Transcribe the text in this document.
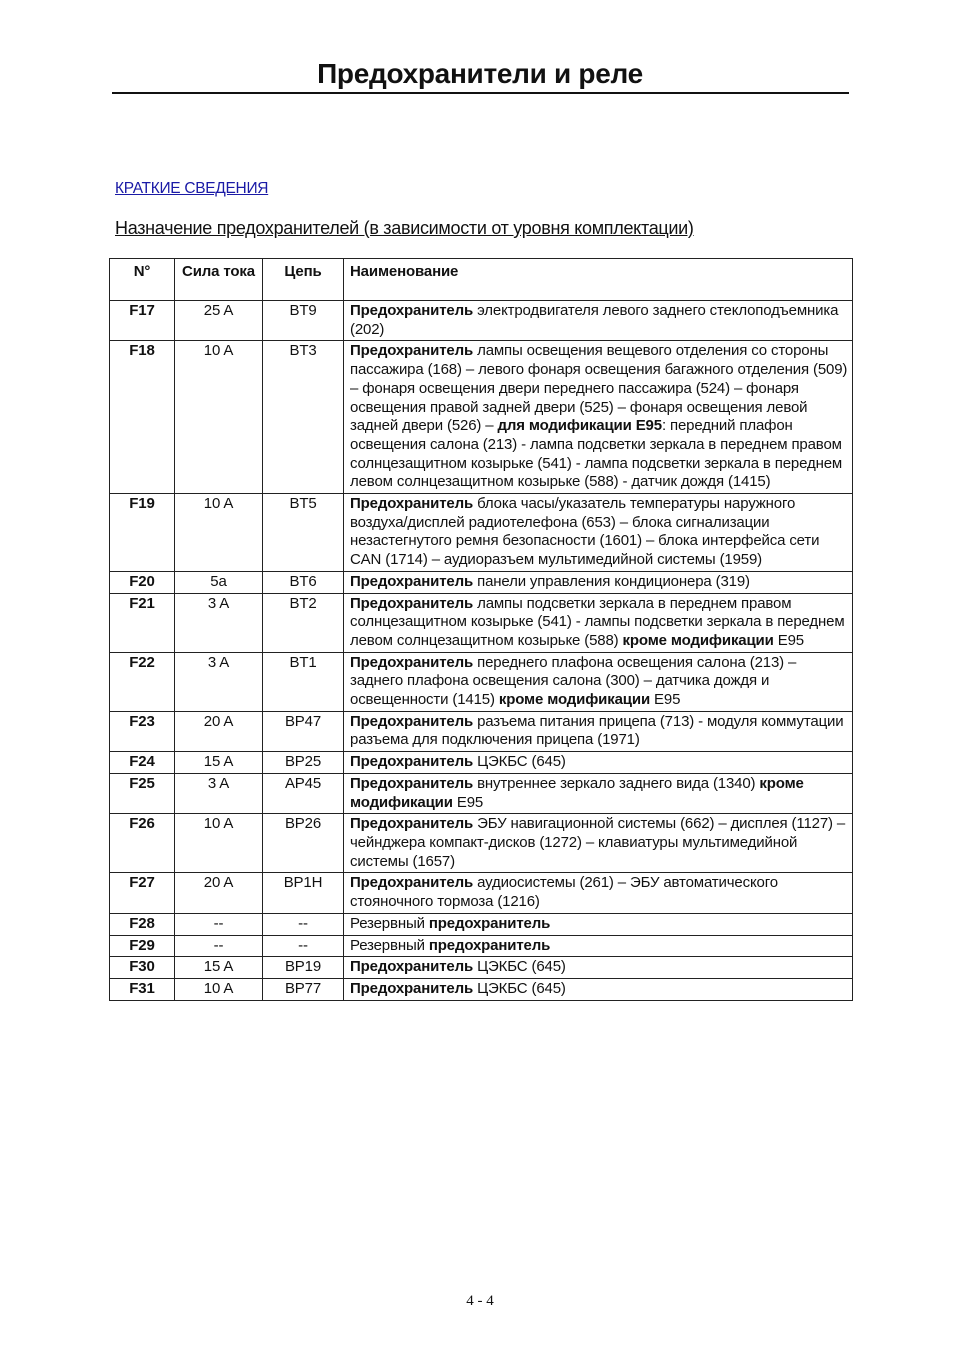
Предохранители и реле
КРАТКИЕ СВЕДЕНИЯ
Назначение предохранителей (в зависимости от уровня комплектации)
N°	Сила тока	Цепь	Наименование
F17	25 A	BT9	Предохранитель электродвигателя левого заднего стеклоподъемника (202)
F18	10 A	BT3	Предохранитель лампы освещения вещевого отделения со стороны пассажира (168) – левого фонаря освещения багажного отделения (509) – фонаря освещения двери переднего пассажира (524) – фонаря освещения правой задней двери (525) – фонаря освещения левой задней двери (526) – для модификации E95: передний плафон освещения салона (213) - лампа подсветки зеркала в переднем правом солнцезащитном козырьке (541) - лампа подсветки зеркала в переднем левом солнцезащитном козырьке (588) - датчик дождя (1415)
F19	10 A	BT5	Предохранитель блока часы/указатель температуры наружного воздуха/дисплей радиотелефона (653) – блока сигнализации незастегнутого ремня безопасности (1601) – блока интерфейса сети CAN (1714) – аудиоразъем мультимедийной системы (1959)
F20	5a	BT6	Предохранитель панели управления кондиционера (319)
F21	3 A	BT2	Предохранитель лампы подсветки зеркала в переднем правом солнцезащитном козырьке (541) - лампы подсветки зеркала в переднем левом солнцезащитном козырьке (588) кроме модификации E95
F22	3 A	BT1	Предохранитель переднего плафона освещения салона (213) – заднего плафона освещения салона (300) – датчика дождя и освещенности (1415) кроме модификации E95
F23	20 A	BP47	Предохранитель разъема питания прицепа (713) - модуля коммутации разъема для подключения прицепа (1971)
F24	15 A	BP25	Предохранитель ЦЭКБС (645)
F25	3 A	AP45	Предохранитель внутреннее зеркало заднего вида (1340) кроме модификации E95
F26	10 A	BP26	Предохранитель ЭБУ навигационной системы (662) – дисплея (1127) – чейнджера компакт-дисков (1272) – клавиатуры мультимедийной системы (1657)
F27	20 A	BP1H	Предохранитель аудиосистемы (261) – ЭБУ автоматического стояночного тормоза (1216)
F28	--	--	Резервный предохранитель
F29	--	--	Резервный предохранитель
F30	15 A	BP19	Предохранитель ЦЭКБС (645)
F31	10 A	BP77	Предохранитель ЦЭКБС (645)
4 - 4
